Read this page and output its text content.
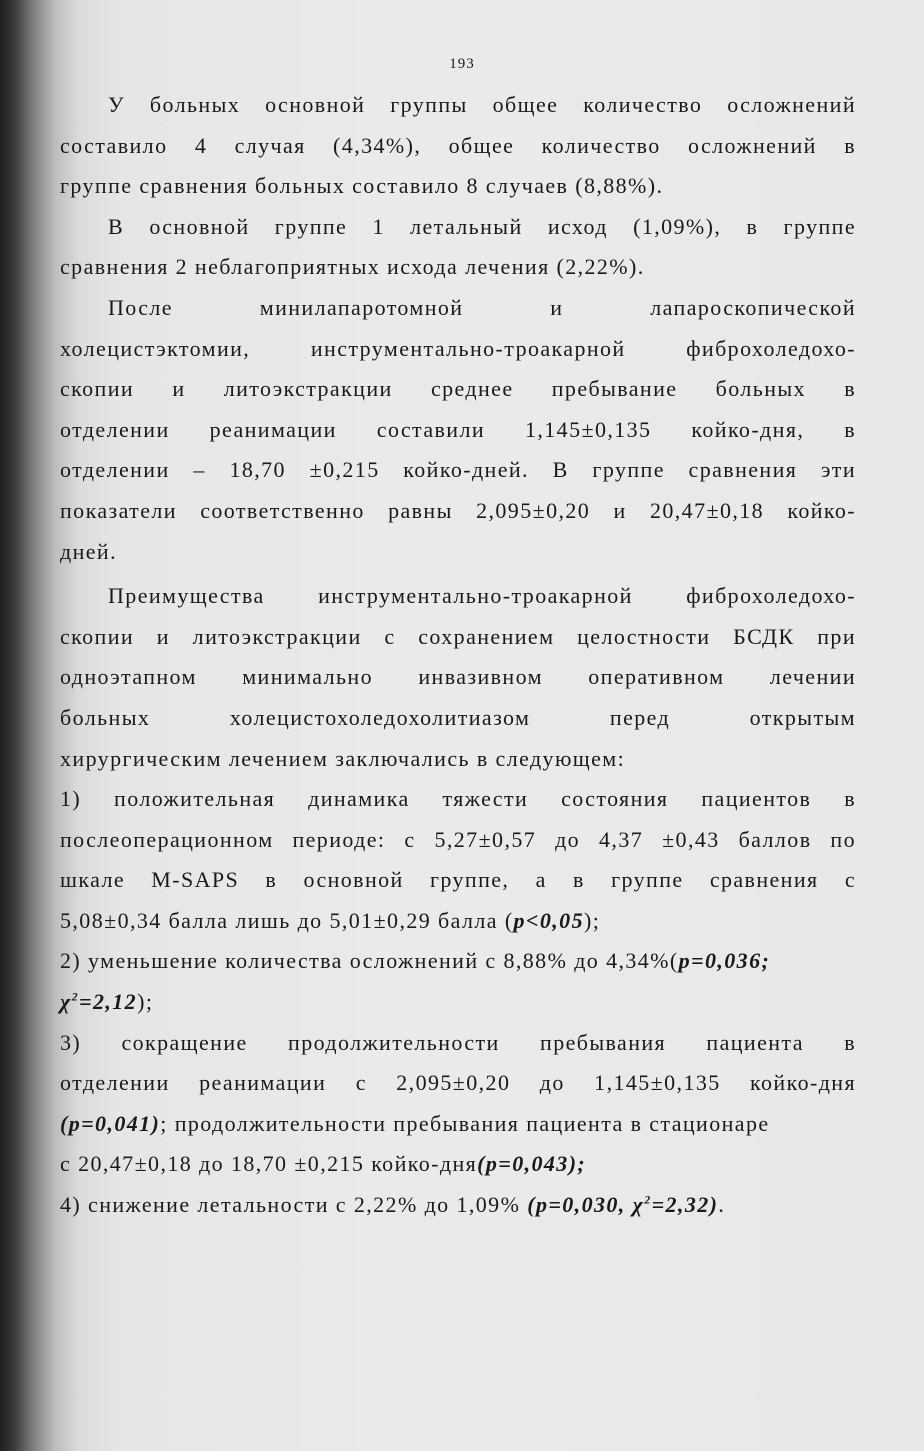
193
У больных основной группы общее количество осложнений
составило 4 случая (4,34%), общее количество осложнений в
группе сравнения больных составило 8 случаев (8,88%).
В основной группе 1 летальный исход (1,09%), в группе
сравнения 2 неблагоприятных исхода лечения (2,22%).
После минилапаротомной и лапароскопической
холецистэктомии, инструментально-троакарной фиброхоледохо-
скопии и литоэкстракции среднее пребывание больных в
отделении реанимации составили 1,145±0,135 койко-дня, в
отделении – 18,70 ±0,215 койко-дней. В группе сравнения эти
показатели соответственно равны 2,095±0,20 и 20,47±0,18 койко-
дней.
Преимущества инструментально-троакарной фиброхоледохо-
скопии и литоэкстракции с сохранением целостности БСДК при
одноэтапном минимально инвазивном оперативном лечении
больных холецистохоледохолитиазом перед открытым
хирургическим лечением заключались в следующем:
1) положительная динамика тяжести состояния пациентов в
послеоперационном периоде: с 5,27±0,57 до 4,37 ±0,43 баллов по
шкале M-SAPS в основной группе, а в группе сравнения с
5,08±0,34 балла лишь до 5,01±0,29 балла (p<0,05);
2) уменьшение количества осложнений с 8,88% до 4,34%(p=0,036;
$\chi^2=2,12$);
3) сокращение продолжительности пребывания пациента в
отделении реанимации с 2,095±0,20 до 1,145±0,135 койко-дня
(p=0,041); продолжительности пребывания пациента в стационаре
с 20,47±0,18 до 18,70 ±0,215 койко-дня(p=0,043);
4) снижение летальности с 2,22% до 1,09% (p=0,030, $\chi^2=2,32$).
